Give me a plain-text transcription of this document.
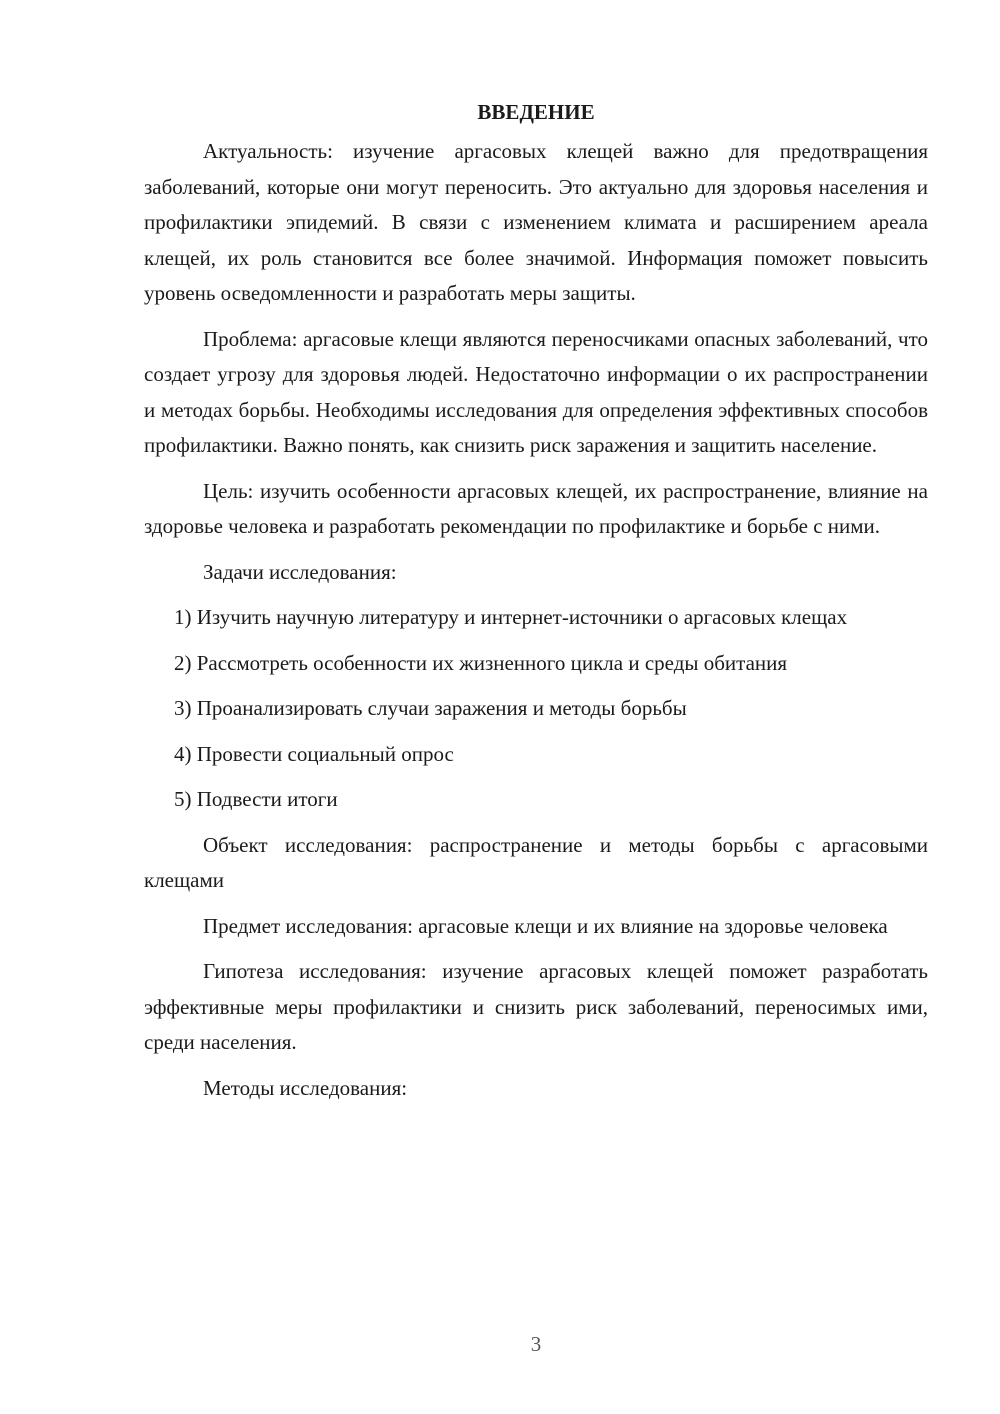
ВВЕДЕНИЕ

Актуальность: изучение аргасовых клещей важно для предотвращения заболеваний, которые они могут переносить. Это актуально для здоровья населения и профилактики эпидемий. В связи с изменением климата и расширением ареала клещей, их роль становится все более значимой. Информация поможет повысить уровень осведомленности и разработать меры защиты.

Проблема: аргасовые клещи являются переносчиками опасных заболеваний, что создает угрозу для здоровья людей. Недостаточно информации о их распространении и методах борьбы. Необходимы исследования для определения эффективных способов профилактики. Важно понять, как снизить риск заражения и защитить население.

Цель: изучить особенности аргасовых клещей, их распространение, влияние на здоровье человека и разработать рекомендации по профилактике и борьбе с ними.

Задачи исследования:

1) Изучить научную литературу и интернет-источники о аргасовых клещах

2) Рассмотреть особенности их жизненного цикла и среды обитания

3) Проанализировать случаи заражения и методы борьбы

4) Провести социальный опрос

5) Подвести итоги

Объект исследования: распространение и методы борьбы с аргасовыми клещами

Предмет исследования: аргасовые клещи и их влияние на здоровье человека

Гипотеза исследования: изучение аргасовых клещей поможет разработать эффективные меры профилактики и снизить риск заболеваний, переносимых ими, среди населения.

Методы исследования:

3
